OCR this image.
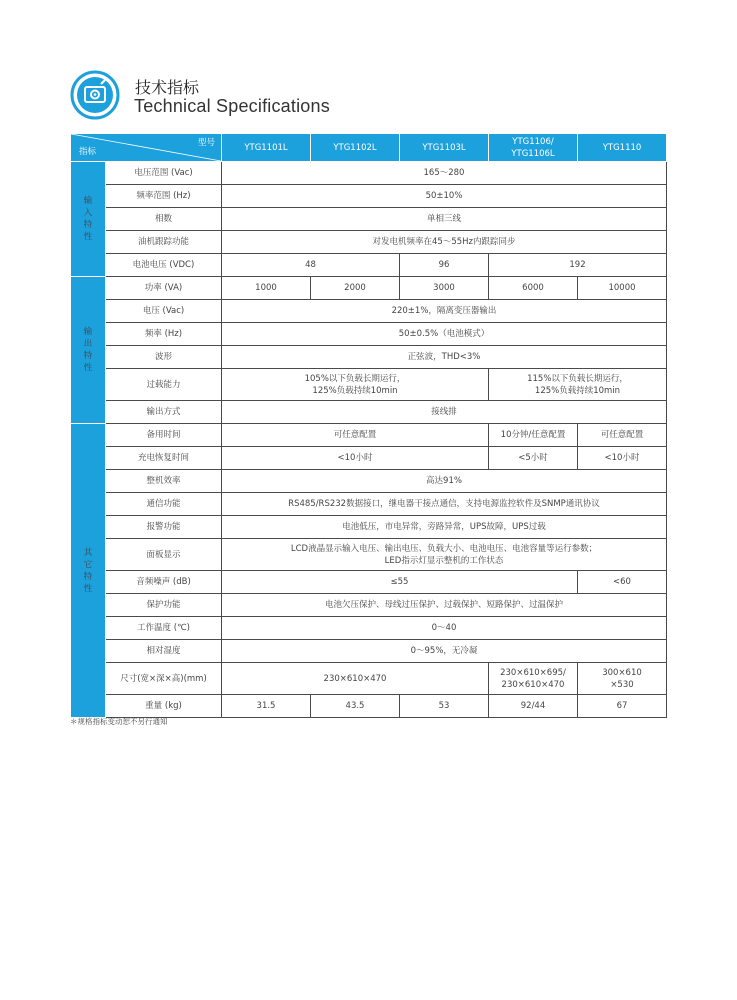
技术指标
Technical Specifications
型号
指标		YTG1101L	YTG1102L	YTG1103L	YTG1106/
YTG1106L	YTG1110
输入特性	电压范围 (Vac)	165～280				
	频率范围 (Hz)	50±10%				
	相数	单相三线				
	油机跟踪功能	对发电机频率在45～55Hz内跟踪同步				
	电池电压 (VDC)	48		96	192	
输出特性	功率 (VA)	1000	2000	3000	6000	10000
	电压 (Vac)	220±1%，隔离变压器输出				
	频率 (Hz)	50±0.5%（电池模式）				
	波形	正弦波，THD<3%				
	过载能力	105%以下负载长期运行，
125%负载持续10min			115%以下负载长期运行，
125%负载持续10min	
	输出方式	接线排				
其它特性	备用时间	可任意配置			10分钟/任意配置	可任意配置
	充电恢复时间	<10小时			<5小时	<10小时
	整机效率	高达91%				
	通信功能	RS485/RS232数据接口，继电器干接点通信，支持电源监控软件及SNMP通讯协议				
	报警功能	电池低压，市电异常，旁路异常，UPS故障，UPS过载				
	面板显示	LCD液晶显示输入电压、输出电压、负载大小、电池电压、电池容量等运行参数；
LED指示灯显示整机的工作状态				
	音频噪声 (dB)	≤55				<60
	保护功能	电池欠压保护、母线过压保护、过载保护、短路保护、过温保护				
	工作温度 (℃)	0～40				
	相对湿度	0～95%，无冷凝				
	尺寸(宽×深×高)(mm)	230×610×470			230×610×695/
230×610×470	300×610
×530
	重量 (kg)	31.5	43.5	53	92/44	67
＊规格指标变动恕不另行通知
